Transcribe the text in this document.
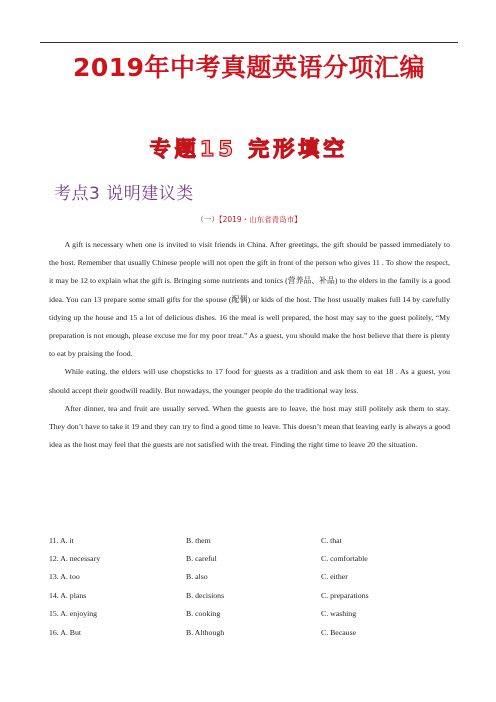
2019年中考真题英语分项汇编
专题15 完形填空
考点3 说明建议类
（一）【2019・山东省青岛市】

A gift is necessary when one is invited to visit friends in China. After greetings, the gift should be passed immediately to the host. Remember that usually Chinese people will not open the gift in front of the person who gives 11 . To show the respect, it may be 12 to explain what the gift is. Bringing some nutrients and tonics (营养品、补品) to the elders in the family is a good idea. You can 13 prepare some small gifts for the spouse (配偶) or kids of the host. The host usually makes full 14 by carefully tidying up the house and 15 a lot of delicious dishes. 16 the meal is well prepared, the host may say to the guest politely, “My preparation is not enough, please excuse me for my poor treat.” As a guest, you should make the host believe that there is plenty to eat by praising the food.

While eating, the elders will use chopsticks to 17 food for guests as a tradition and ask them to eat 18 . As a guest, you should accept their goodwill readily. But nowadays, the younger people do the traditional way less.

After dinner, tea and fruit are usually served. When the guests are to leave, the host may still politely ask them to stay. They don’t have to take it 19 and they can try to find a good time to leave. This doesn’t mean that leaving early is always a good idea as the host may feel that the guests are not satisfied with the treat. Finding the right time to leave 20 the situation.

11. A. it	B. them	C. that
12. A. necessary	B. careful	C. comfortable
13. A. too	B. also	C. either
14. A. plans	B. decisions	C. preparations
15. A. enjoying	B. cooking	C. washing
16. A. But	B. Although	C. Because
